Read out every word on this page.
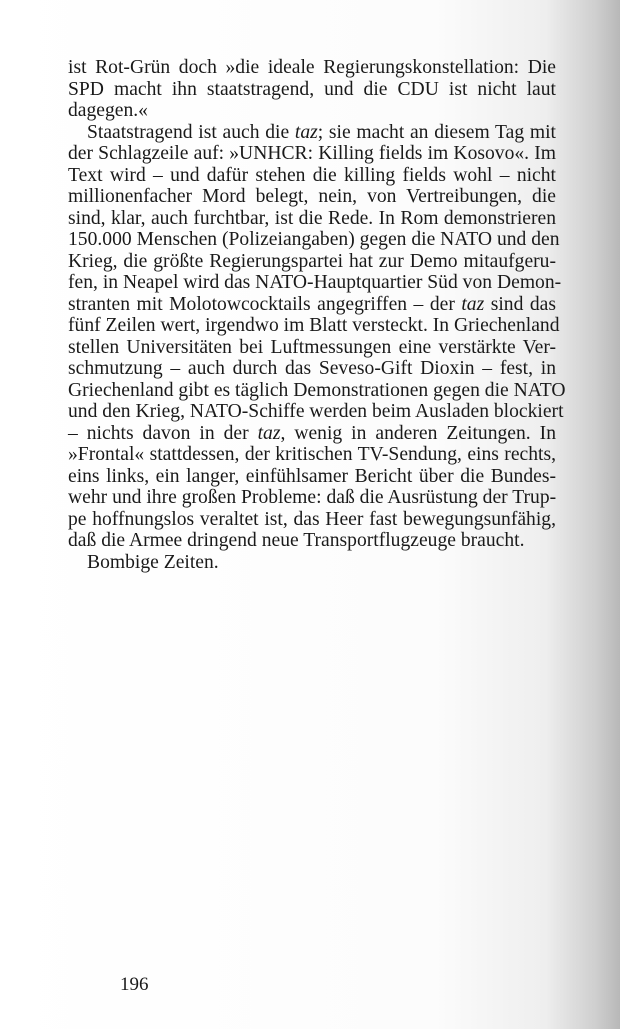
ist Rot-Grün doch »die ideale Regierungskonstellation: Die
SPD macht ihn staatstragend, und die CDU ist nicht laut
dagegen.«

Staatstragend ist auch die taz; sie macht an diesem Tag mit
der Schlagzeile auf: »UNHCR: Killing fields im Kosovo«. Im
Text wird – und dafür stehen die killing fields wohl – nicht
millionenfacher Mord belegt, nein, von Vertreibungen, die
sind, klar, auch furchtbar, ist die Rede. In Rom demonstrieren
150.000 Menschen (Polizeiangaben) gegen die NATO und den
Krieg, die größte Regierungspartei hat zur Demo mitaufgeru-
fen, in Neapel wird das NATO-Hauptquartier Süd von Demon-
stranten mit Molotowcocktails angegriffen – der taz sind das
fünf Zeilen wert, irgendwo im Blatt versteckt. In Griechenland
stellen Universitäten bei Luftmessungen eine verstärkte Ver-
schmutzung – auch durch das Seveso-Gift Dioxin – fest, in
Griechenland gibt es täglich Demonstrationen gegen die NATO
und den Krieg, NATO-Schiffe werden beim Ausladen blockiert
– nichts davon in der taz, wenig in anderen Zeitungen. In
»Frontal« stattdessen, der kritischen TV-Sendung, eins rechts,
eins links, ein langer, einfühlsamer Bericht über die Bundes-
wehr und ihre großen Probleme: daß die Ausrüstung der Trup-
pe hoffnungslos veraltet ist, das Heer fast bewegungsunfähig,
daß die Armee dringend neue Transportflugzeuge braucht.

Bombige Zeiten.

196
